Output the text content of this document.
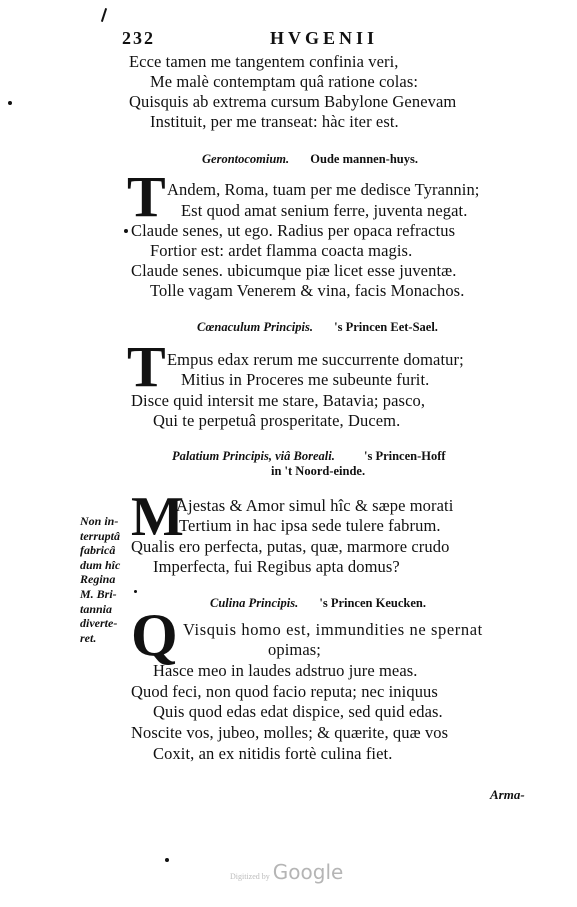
232	HVGENII
Ecce tamen me tangentem confinia veri,
Me malè contemptam quâ ratione colas:
Quisquis ab extrema cursum Babylone Genevam
Instituit, per me transeat: hàc iter est.
Gerontocomium. Oude mannen-huys.
T Andem, Roma, tuam per me dedisce Tyrannin;
Est quod amat senium ferre, juventa negat.
Claude senes, ut ego. Radius per opaca refractus
Fortior est: ardet flamma coacta magis.
Claude senes. ubicumque piæ licet esse juventæ.
Tolle vagam Venerem & vina, facis Monachos.
Cœnaculum Principis. 's Princen Eet-Sael.
T Empus edax rerum me succurrente domatur;
Mitius in Proceres me subeunte furit.
Disce quid intersit me stare, Batavia; pasco,
Qui te perpetuâ prosperitate, Ducem.
Palatium Principis, viâ Boreali. 's Princen-Hoff
in 't Noord-einde.
Non in-
terruptâ
fabricâ
dum hîc
Regina
M. Bri-
tannia
diverte-
ret.
M
Ajestas & Amor simul hîc & sæpe morati
Tertium in hac ipsa sede tulere fabrum.
Qualis ero perfecta, putas, quæ, marmore crudo
Imperfecta, fui Regibus apta domus?
Culina Principis. 's Princen Keucken.
Q Visquis homo est, immundities ne spernat
opimas;
Hasce meo in laudes adstruo jure meas.
Quod feci, non quod facio reputa; nec iniquus
Quis quod edas edat dispice, sed quid edas.
Noscite vos, jubeo, molles; & quærite, quæ vos
Coxit, an ex nitidis fortè culina fiet.
Arma-
Digitized by Google
